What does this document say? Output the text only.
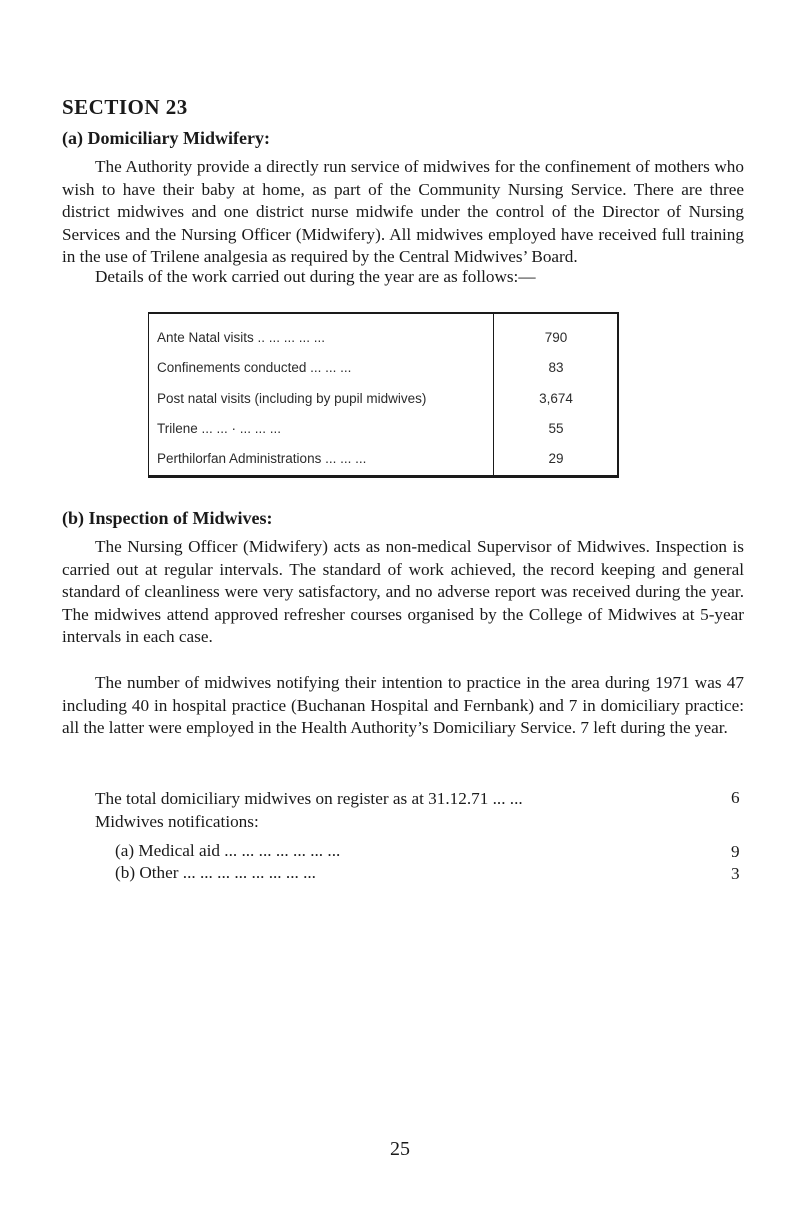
SECTION 23
(a) Domiciliary Midwifery:
The Authority provide a directly run service of midwives for the confinement of mothers who wish to have their baby at home, as part of the Community Nursing Service. There are three district midwives and one district nurse midwife under the control of the Director of Nursing Services and the Nursing Officer (Midwifery). All midwives employed have received full training in the use of Trilene analgesia as required by the Central Midwives’ Board.
Details of the work carried out during the year are as follows:—
Ante Natal visits .. ... ... ... ...	790
Confinements conducted ... ... ...	83
Post natal visits (including by pupil midwives)	3,674
Trilene ... ... · ... ... ...	55
Perthilorfan Administrations ... ... ...	29
(b) Inspection of Midwives:
The Nursing Officer (Midwifery) acts as non-medical Supervisor of Midwives. Inspection is carried out at regular intervals. The standard of work achieved, the record keeping and general standard of cleanliness were very satisfactory, and no adverse report was received during the year. The midwives attend approved refresher courses organised by the College of Midwives at 5-year intervals in each case.
The number of midwives notifying their intention to practice in the area during 1971 was 47 including 40 in hospital practice (Buchanan Hospital and Fernbank) and 7 in domiciliary practice: all the latter were employed in the Health Authority’s Domiciliary Service. 7 left during the year.
The total domiciliary midwives on register as at 31.12.71 ... ...	6
Midwives notifications:
(a) Medical aid ... ... ... ... ... ... ...	9
(b) Other ... ... ... ... ... ... ... ...	3
25
